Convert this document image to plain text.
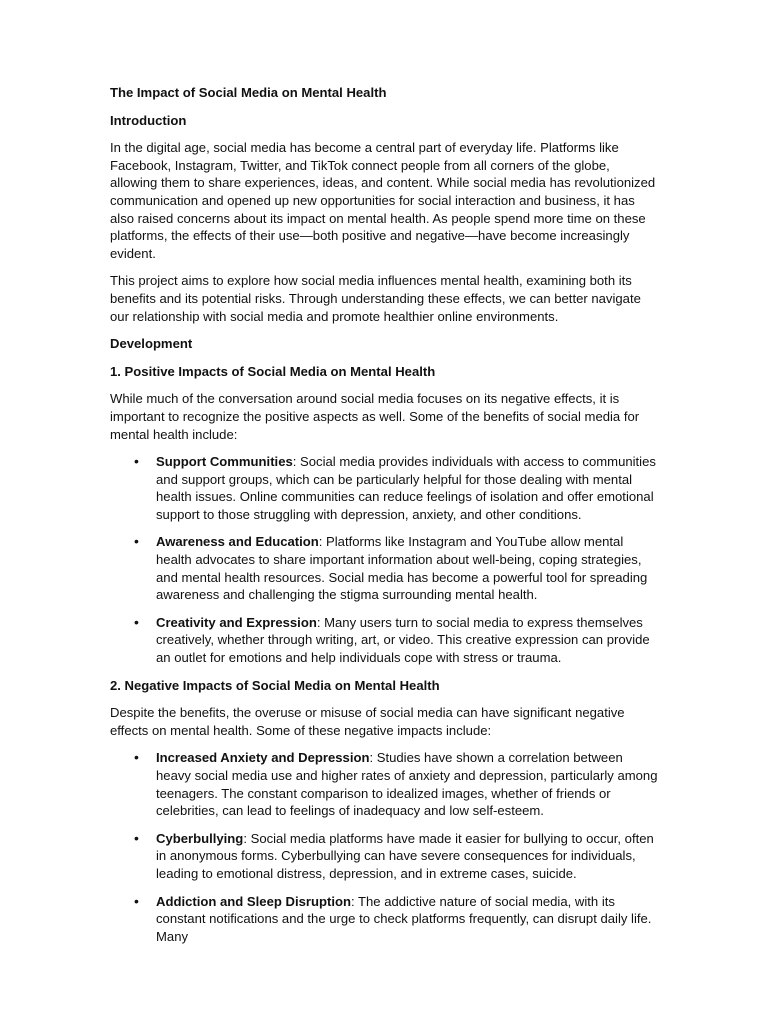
The Impact of Social Media on Mental Health

Introduction

In the digital age, social media has become a central part of everyday life. Platforms like Facebook, Instagram, Twitter, and TikTok connect people from all corners of the globe, allowing them to share experiences, ideas, and content. While social media has revolutionized communication and opened up new opportunities for social interaction and business, it has also raised concerns about its impact on mental health. As people spend more time on these platforms, the effects of their use—both positive and negative—have become increasingly evident.

This project aims to explore how social media influences mental health, examining both its benefits and its potential risks. Through understanding these effects, we can better navigate our relationship with social media and promote healthier online environments.

Development

1. Positive Impacts of Social Media on Mental Health

While much of the conversation around social media focuses on its negative effects, it is important to recognize the positive aspects as well. Some of the benefits of social media for mental health include:

• Support Communities: Social media provides individuals with access to communities and support groups, which can be particularly helpful for those dealing with mental health issues. Online communities can reduce feelings of isolation and offer emotional support to those struggling with depression, anxiety, and other conditions.
• Awareness and Education: Platforms like Instagram and YouTube allow mental health advocates to share important information about well-being, coping strategies, and mental health resources. Social media has become a powerful tool for spreading awareness and challenging the stigma surrounding mental health.
• Creativity and Expression: Many users turn to social media to express themselves creatively, whether through writing, art, or video. This creative expression can provide an outlet for emotions and help individuals cope with stress or trauma.

2. Negative Impacts of Social Media on Mental Health

Despite the benefits, the overuse or misuse of social media can have significant negative effects on mental health. Some of these negative impacts include:

• Increased Anxiety and Depression: Studies have shown a correlation between heavy social media use and higher rates of anxiety and depression, particularly among teenagers. The constant comparison to idealized images, whether of friends or celebrities, can lead to feelings of inadequacy and low self-esteem.
• Cyberbullying: Social media platforms have made it easier for bullying to occur, often in anonymous forms. Cyberbullying can have severe consequences for individuals, leading to emotional distress, depression, and in extreme cases, suicide.
• Addiction and Sleep Disruption: The addictive nature of social media, with its constant notifications and the urge to check platforms frequently, can disrupt daily life. Many
